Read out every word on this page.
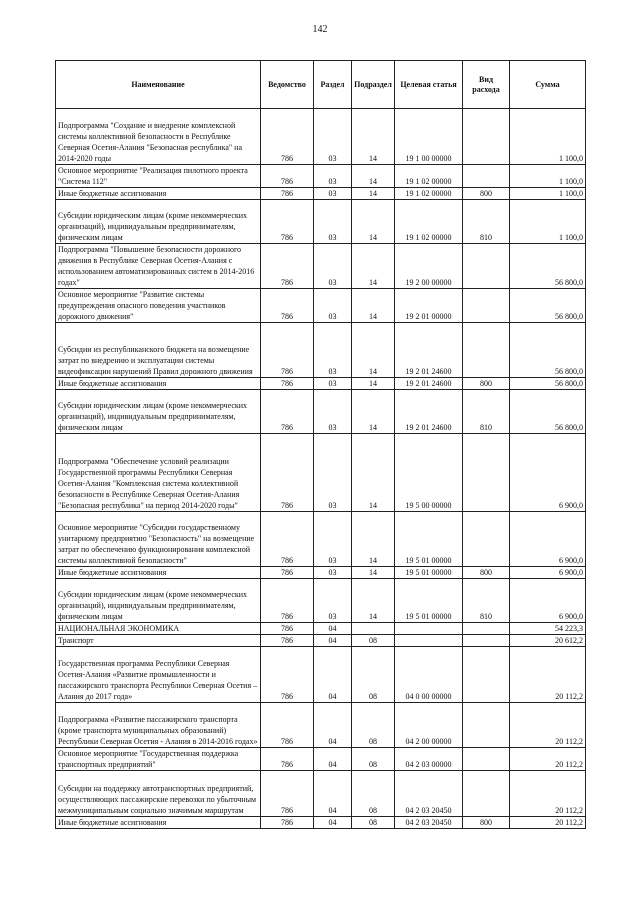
142
Наименование	Ведомство	Раздел	Подраздел	Целевая статья	Вид расхода	Сумма
Подпрограмма "Создание и внедрение комплексной системы коллективной безопасности в Республике Северная Осетия-Алания "Безопасная республика" на 2014-2020 годы	786	03	14	19 1 00 00000		1 100,0
Основное мероприятие "Реализация пилотного проекта "Система 112"	786	03	14	19 1 02 00000		1 100,0
Иные бюджетные ассигнования	786	03	14	19 1 02 00000	800	1 100,0
Субсидии юридическим лицам (кроме некоммерческих организаций), индивидуальным предпринимателям, физическим лицам	786	03	14	19 1 02 00000	810	1 100,0
Подпрограмма "Повышение безопасности дорожного движения в Республике Северная Осетия-Алания с использованием автоматизированных систем в 2014-2016 годах"	786	03	14	19 2 00 00000		56 800,0
Основное мероприятие "Развитие системы предупреждения опасного поведения участников дорожного движения"	786	03	14	19 2 01 00000		56 800,0
Субсидии из республиканского бюджета на возмещение затрат по внедрению и эксплуатации системы видеофиксации нарушений Правил дорожного движения	786	03	14	19 2 01 24600		56 800,0
Иные бюджетные ассигнования	786	03	14	19 2 01 24600	800	56 800,0
Субсидии юридическим лицам (кроме некоммерческих организаций), индивидуальным предпринимателям, физическим лицам	786	03	14	19 2 01 24600	810	56 800,0
Подпрограмма "Обеспечение условий реализации Государственной программы Республики Северная Осетия-Алания "Комплексная система коллективной безопасности в Республике Северная Осетия-Алания "Безопасная республика" на период 2014-2020 годы"	786	03	14	19 5 00 00000		6 900,0
Основное мероприятие "Субсидии государственному унитарному предприятию "Безопасность" на возмещение затрат по обеспечению функционирования комплексной системы коллективной безопасности"	786	03	14	19 5 01 00000		6 900,0
Иные бюджетные ассигнования	786	03	14	19 5 01 00000	800	6 900,0
Субсидии юридическим лицам (кроме некоммерческих организаций), индивидуальным предпринимателям, физическим лицам	786	03	14	19 5 01 00000	810	6 900,0
НАЦИОНАЛЬНАЯ ЭКОНОМИКА	786	04				54 223,3
Транспорт	786	04	08			20 612,2
Государственная программа Республики Северная Осетия-Алания «Развитие промышленности и пассажирского транспорта Республики Северная Осетия – Алания до 2017 года»	786	04	08	04 0 00 00000		20 112,2
Подпрограмма «Развитие пассажирского транспорта (кроме транспорта муниципальных образований) Республики Северная Осетия - Алания в 2014-2016 годах»	786	04	08	04 2 00 00000		20 112,2
Основное мероприятие "Государственная поддержка транспортных предприятий"	786	04	08	04 2 03 00000		20 112,2
Субсидии на поддержку автотранспортных предприятий, осуществляющих пассажирские перевозки по убыточным межмуниципальным социально значимым маршрутам	786	04	08	04 2 03 20450		20 112,2
Иные бюджетные ассигнования	786	04	08	04 2 03 20450	800	20 112,2
